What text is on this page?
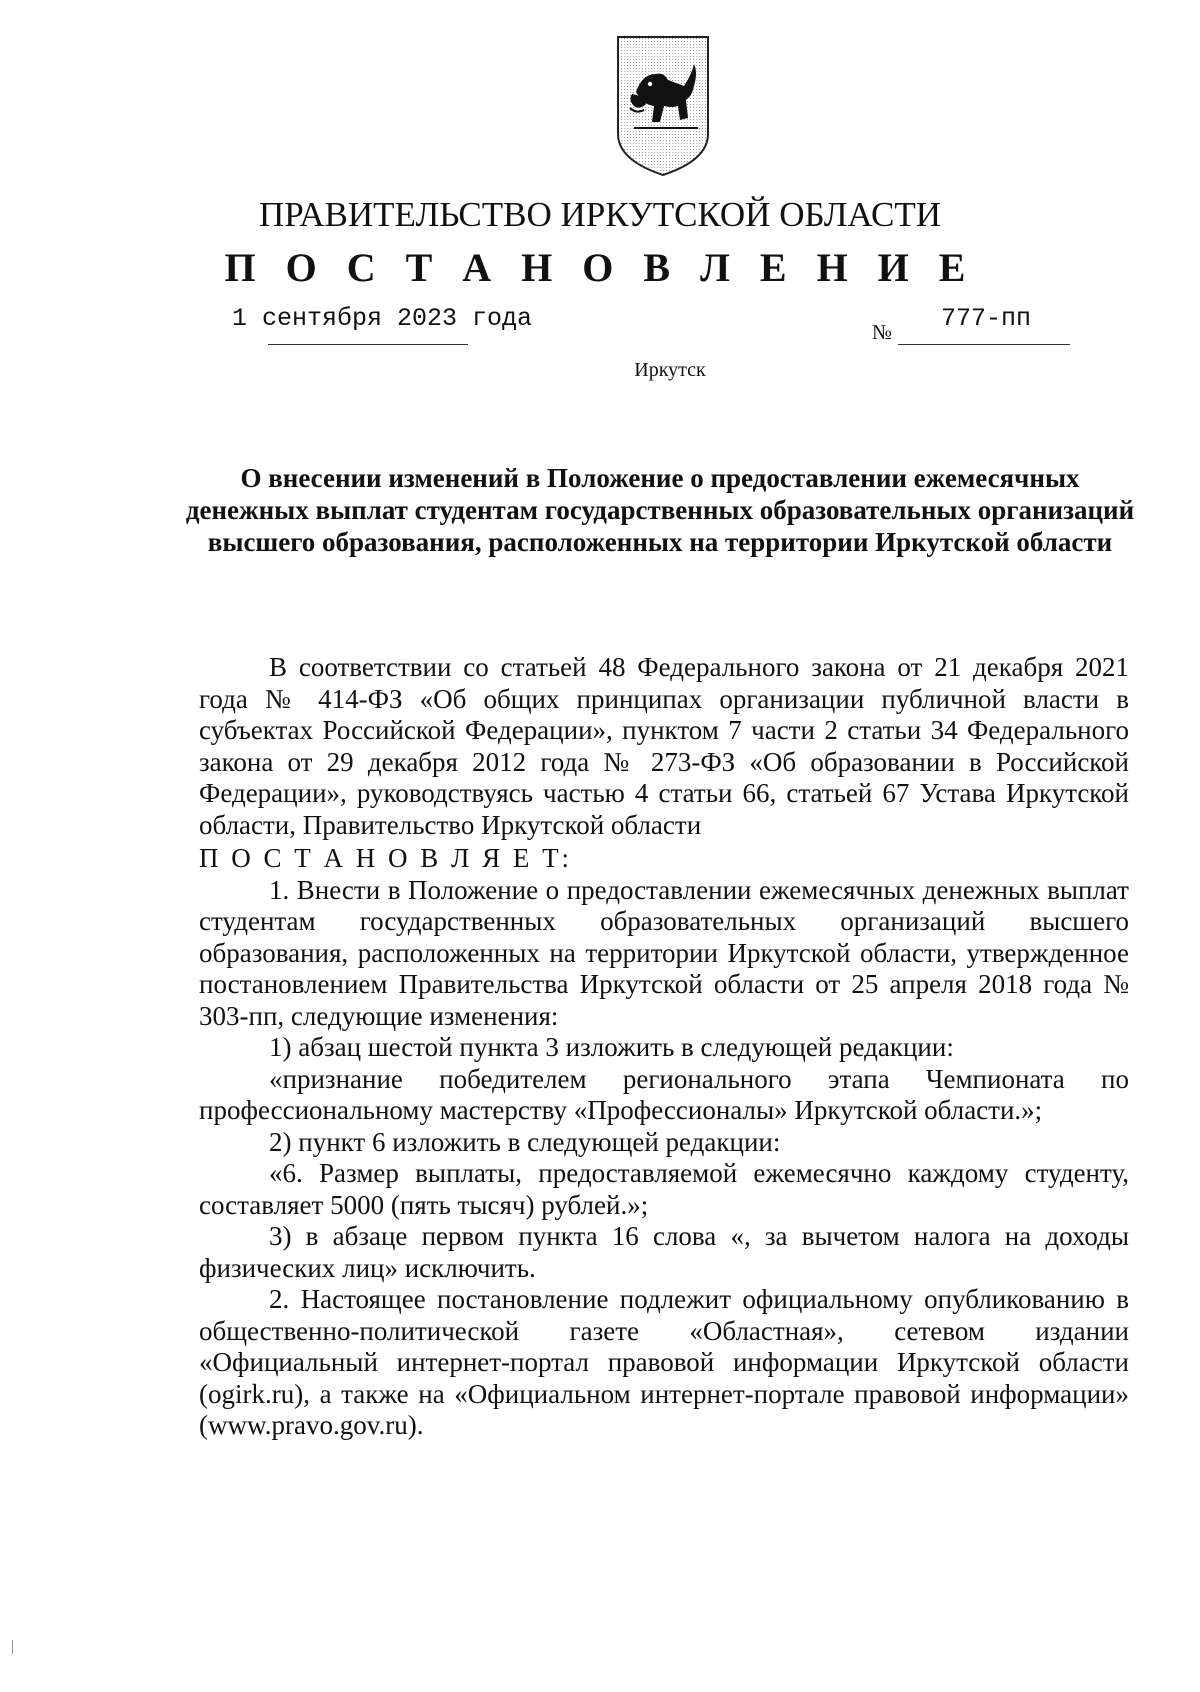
ПРАВИТЕЛЬСТВО ИРКУТСКОЙ ОБЛАСТИ
П О С Т А Н О В Л Е Н И Е
1 сентября 2023 года	№ 777-пп
Иркутск
О внесении изменений в Положение о предоставлении ежемесячных денежных выплат студентам государственных образовательных организаций высшего образования, расположенных на территории Иркутской области

В соответствии со статьей 48 Федерального закона от 21 декабря 2021 года № 414-ФЗ «Об общих принципах организации публичной власти в субъектах Российской Федерации», пунктом 7 части 2 статьи 34 Федерального закона от 29 декабря 2012 года № 273-ФЗ «Об образовании в Российской Федерации», руководствуясь частью 4 статьи 66, статьей 67 Устава Иркутской области, Правительство Иркутской области

П О С Т А Н О В Л Я Е Т:

1. Внести в Положение о предоставлении ежемесячных денежных выплат студентам государственных образовательных организаций высшего образования, расположенных на территории Иркутской области, утвержденное постановлением Правительства Иркутской области от 25 апреля 2018 года № 303-пп, следующие изменения:

1) абзац шестой пункта 3 изложить в следующей редакции:

«признание победителем регионального этапа Чемпионата по профессиональному мастерству «Профессионалы» Иркутской области.»;

2) пункт 6 изложить в следующей редакции:

«6. Размер выплаты, предоставляемой ежемесячно каждому студенту, составляет 5000 (пять тысяч) рублей.»;

3) в абзаце первом пункта 16 слова «, за вычетом налога на доходы физических лиц» исключить.

2. Настоящее постановление подлежит официальному опубликованию в общественно-политической газете «Областная», сетевом издании «Официальный интернет-портал правовой информации Иркутской области (ogirk.ru), а также на «Официальном интернет-портале правовой информации» (www.pravo.gov.ru).
